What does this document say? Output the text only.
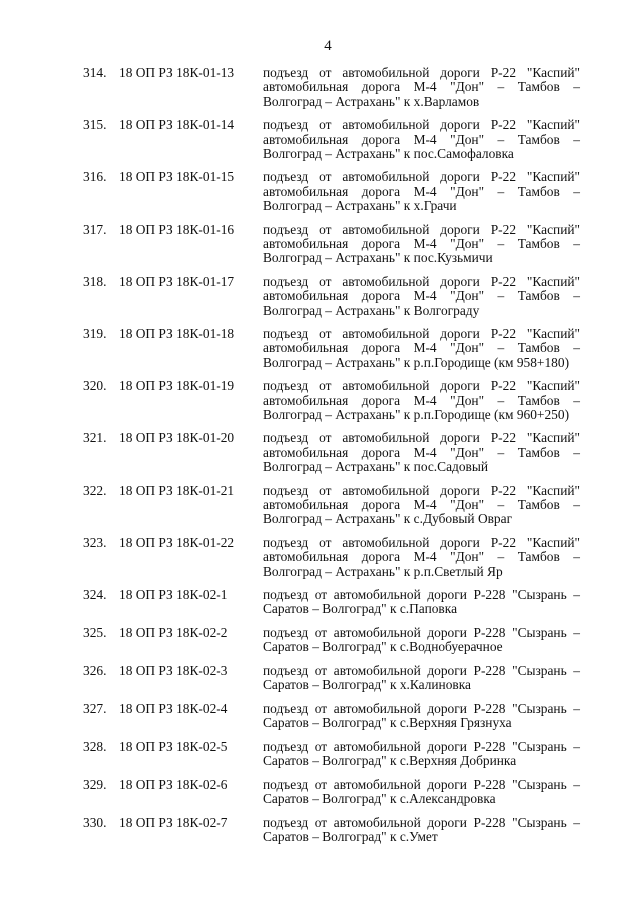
4
314. 18 ОП РЗ 18К-01-13 подъезд от автомобильной дороги Р-22 "Каспий" автомобильная дорога М-4 "Дон" – Тамбов – Волгоград – Астрахань" к х.Варламов
315. 18 ОП РЗ 18К-01-14 подъезд от автомобильной дороги Р-22 "Каспий" автомобильная дорога М-4 "Дон" – Тамбов – Волгоград – Астрахань" к пос.Самофаловка
316. 18 ОП РЗ 18К-01-15 подъезд от автомобильной дороги Р-22 "Каспий" автомобильная дорога М-4 "Дон" – Тамбов – Волгоград – Астрахань" к х.Грачи
317. 18 ОП РЗ 18К-01-16 подъезд от автомобильной дороги Р-22 "Каспий" автомобильная дорога М-4 "Дон" – Тамбов – Волгоград – Астрахань" к пос.Кузьмичи
318. 18 ОП РЗ 18К-01-17 подъезд от автомобильной дороги Р-22 "Каспий" автомобильная дорога М-4 "Дон" – Тамбов – Волгоград – Астрахань" к Волгограду
319. 18 ОП РЗ 18К-01-18 подъезд от автомобильной дороги Р-22 "Каспий" автомобильная дорога М-4 "Дон" – Тамбов – Волгоград – Астрахань" к р.п.Городище (км 958+180)
320. 18 ОП РЗ 18К-01-19 подъезд от автомобильной дороги Р-22 "Каспий" автомобильная дорога М-4 "Дон" – Тамбов – Волгоград – Астрахань" к р.п.Городище (км 960+250)
321. 18 ОП РЗ 18К-01-20 подъезд от автомобильной дороги Р-22 "Каспий" автомобильная дорога М-4 "Дон" – Тамбов – Волгоград – Астрахань" к пос.Садовый
322. 18 ОП РЗ 18К-01-21 подъезд от автомобильной дороги Р-22 "Каспий" автомобильная дорога М-4 "Дон" – Тамбов – Волгоград – Астрахань" к с.Дубовый Овраг
323. 18 ОП РЗ 18К-01-22 подъезд от автомобильной дороги Р-22 "Каспий" автомобильная дорога М-4 "Дон" – Тамбов – Волгоград – Астрахань" к р.п.Светлый Яр
324. 18 ОП РЗ 18К-02-1	подъезд от автомобильной дороги Р-228 "Сызрань – Саратов – Волгоград" к с.Паповка
325. 18 ОП РЗ 18К-02-2	подъезд от автомобильной дороги Р-228 "Сызрань – Саратов – Волгоград" к с.Воднобуерачное
326. 18 ОП РЗ 18К-02-3	подъезд от автомобильной дороги Р-228 "Сызрань – Саратов – Волгоград" к х.Калиновка
327. 18 ОП РЗ 18К-02-4	подъезд от автомобильной дороги Р-228 "Сызрань – Саратов – Волгоград" к с.Верхняя Грязнуха
328. 18 ОП РЗ 18К-02-5	подъезд от автомобильной дороги Р-228 "Сызрань – Саратов – Волгоград" к с.Верхняя Добринка
329. 18 ОП РЗ 18К-02-6	подъезд от автомобильной дороги Р-228 "Сызрань – Саратов – Волгоград" к с.Александровка
330. 18 ОП РЗ 18К-02-7	подъезд от автомобильной дороги Р-228 "Сызрань – Саратов – Волгоград" к с.Умет
